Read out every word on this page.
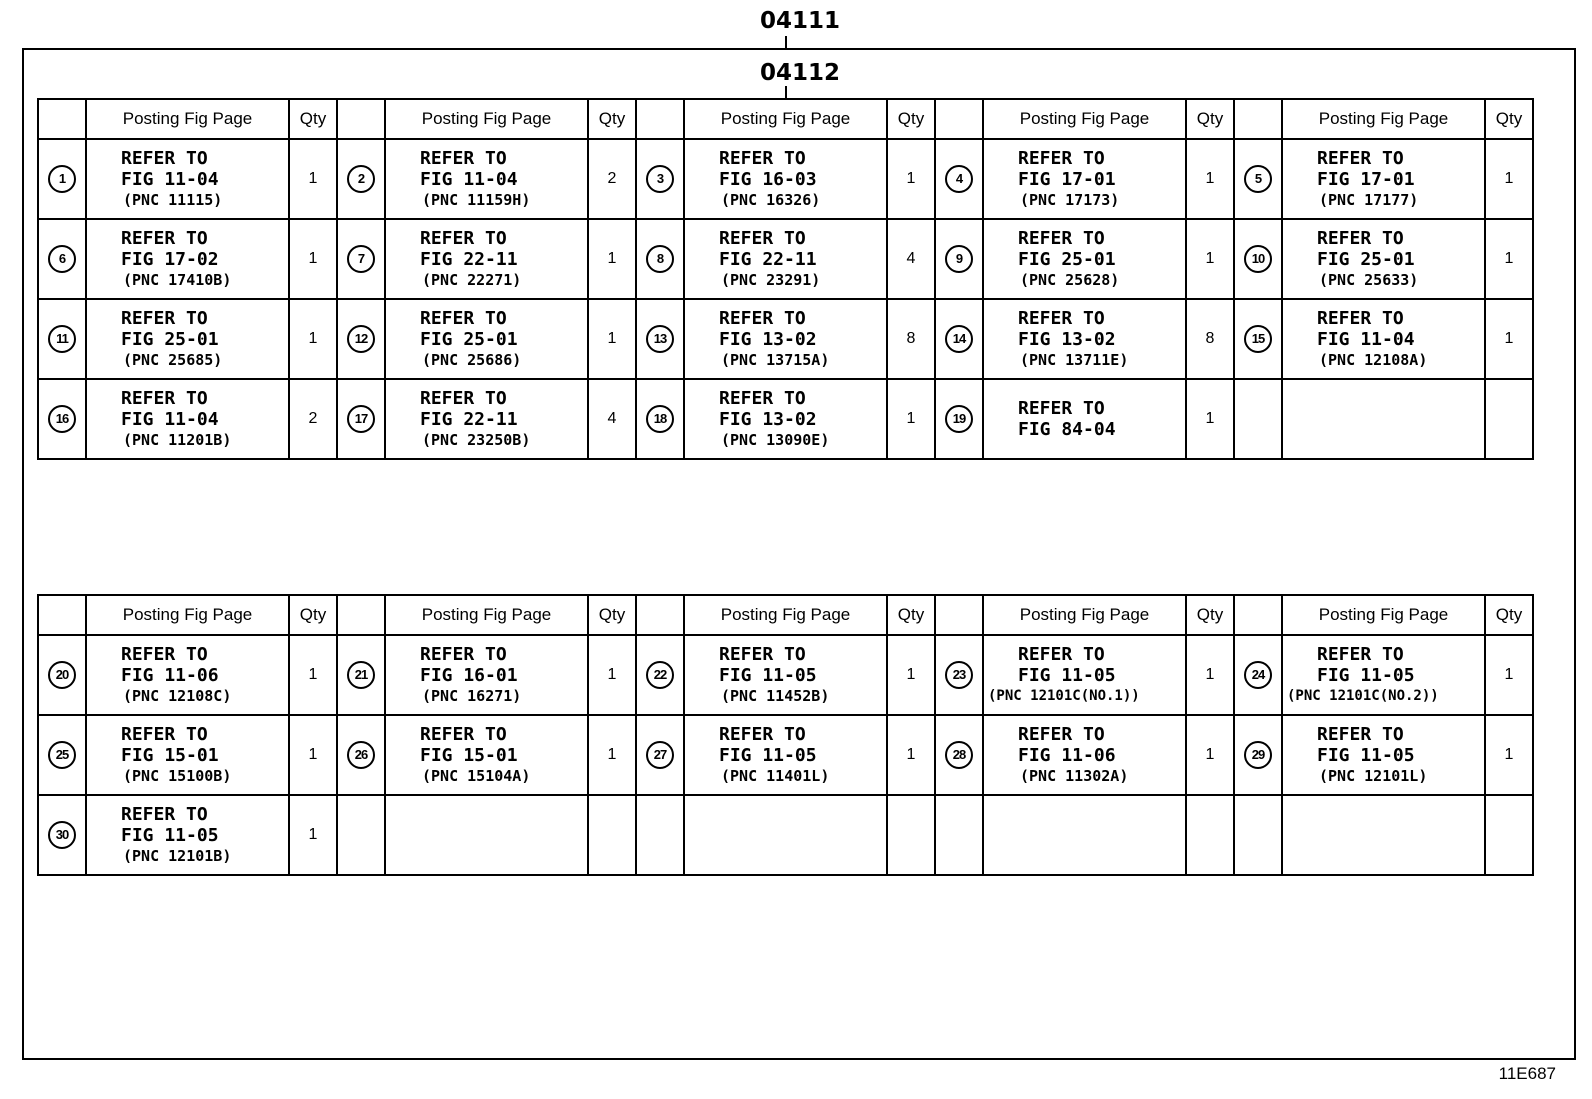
04111
04112
	Posting Fig Page	Qty		Posting Fig Page	Qty		Posting Fig Page	Qty		Posting Fig Page	Qty		Posting Fig Page	Qty
1	REFER TO
FIG 11-04
(PNC 11115)	1	2	REFER TO
FIG 11-04
(PNC 11159H)	2	3	REFER TO
FIG 16-03
(PNC 16326)	1	4	REFER TO
FIG 17-01
(PNC 17173)	1	5	REFER TO
FIG 17-01
(PNC 17177)	1
6	REFER TO
FIG 17-02
(PNC 17410B)	1	7	REFER TO
FIG 22-11
(PNC 22271)	1	8	REFER TO
FIG 22-11
(PNC 23291)	4	9	REFER TO
FIG 25-01
(PNC 25628)	1	10	REFER TO
FIG 25-01
(PNC 25633)	1
11	REFER TO
FIG 25-01
(PNC 25685)	1	12	REFER TO
FIG 25-01
(PNC 25686)	1	13	REFER TO
FIG 13-02
(PNC 13715A)	8	14	REFER TO
FIG 13-02
(PNC 13711E)	8	15	REFER TO
FIG 11-04
(PNC 12108A)	1
16	REFER TO
FIG 11-04
(PNC 11201B)	2	17	REFER TO
FIG 22-11
(PNC 23250B)	4	18	REFER TO
FIG 13-02
(PNC 13090E)	1	19	REFER TO
FIG 84-04	1			
	Posting Fig Page	Qty		Posting Fig Page	Qty		Posting Fig Page	Qty		Posting Fig Page	Qty		Posting Fig Page	Qty
20	REFER TO
FIG 11-06
(PNC 12108C)	1	21	REFER TO
FIG 16-01
(PNC 16271)	1	22	REFER TO
FIG 11-05
(PNC 11452B)	1	23	REFER TO
FIG 11-05
(PNC 12101C(NO.1))	1	24	REFER TO
FIG 11-05
(PNC 12101C(NO.2))	1
25	REFER TO
FIG 15-01
(PNC 15100B)	1	26	REFER TO
FIG 15-01
(PNC 15104A)	1	27	REFER TO
FIG 11-05
(PNC 11401L)	1	28	REFER TO
FIG 11-06
(PNC 11302A)	1	29	REFER TO
FIG 11-05
(PNC 12101L)	1
30	REFER TO
FIG 11-05
(PNC 12101B)	1												
11E687
